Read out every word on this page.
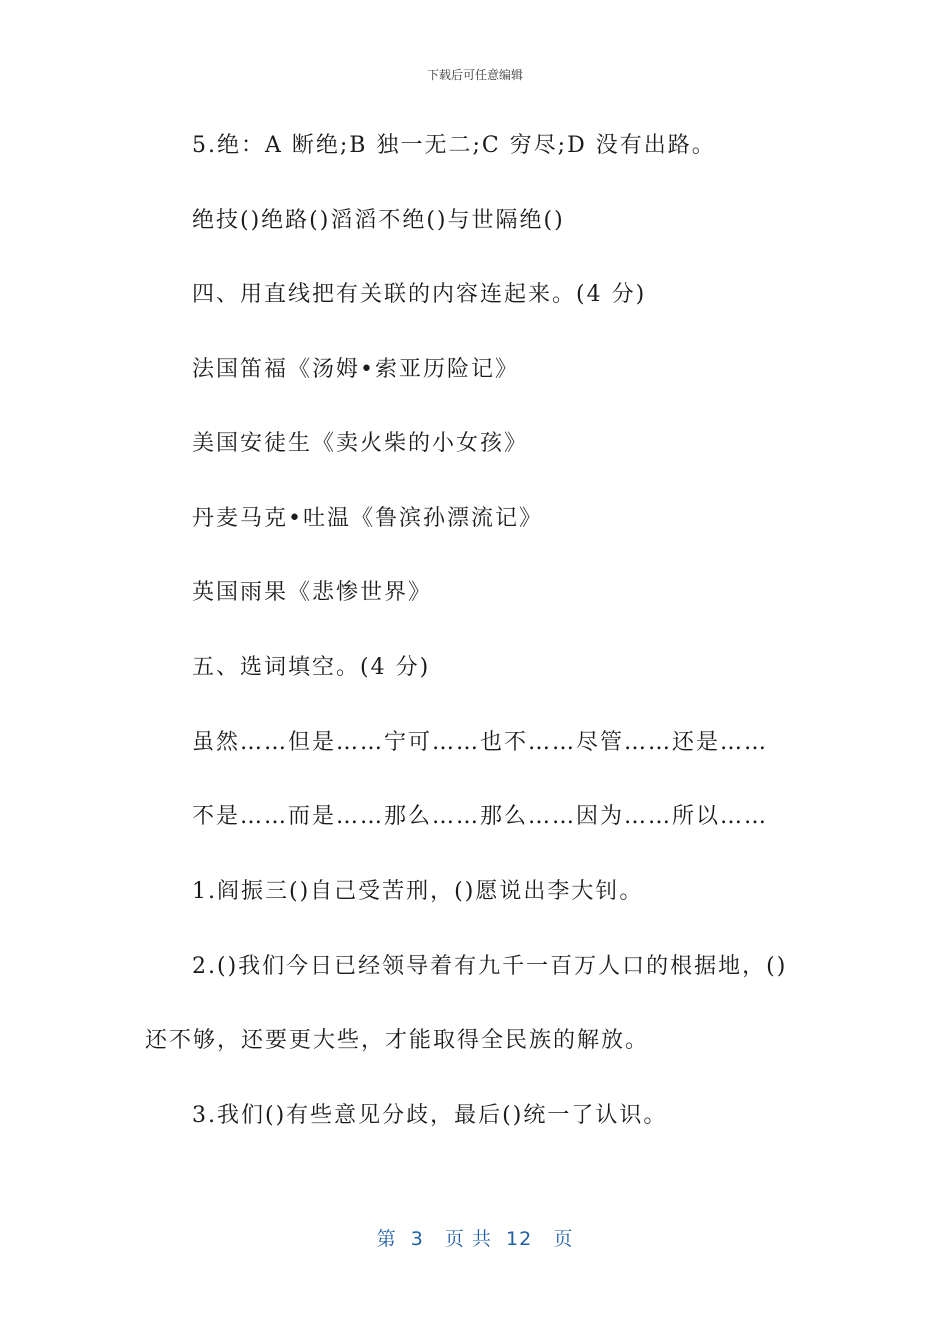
下载后可任意编辑
5.绝：A 断绝;B 独一无二;C 穷尽;D 没有出路。
绝技()绝路()滔滔不绝()与世隔绝()
四、用直线把有关联的内容连起来。(4 分)
法国笛福《汤姆•索亚历险记》
美国安徒生《卖火柴的小女孩》
丹麦马克•吐温《鲁滨孙漂流记》
英国雨果《悲惨世界》
五、选词填空。(4 分)
虽然……但是……宁可……也不……尽管……还是……
不是……而是……那么……那么……因为……所以……
1.阎振三()自己受苦刑，()愿说出李大钊。
2.()我们今日已经领导着有九千一百万人口的根据地，()
还不够，还要更大些，才能取得全民族的解放。
3.我们()有些意见分歧，最后()统一了认识。
第  3   页 共  12   页
